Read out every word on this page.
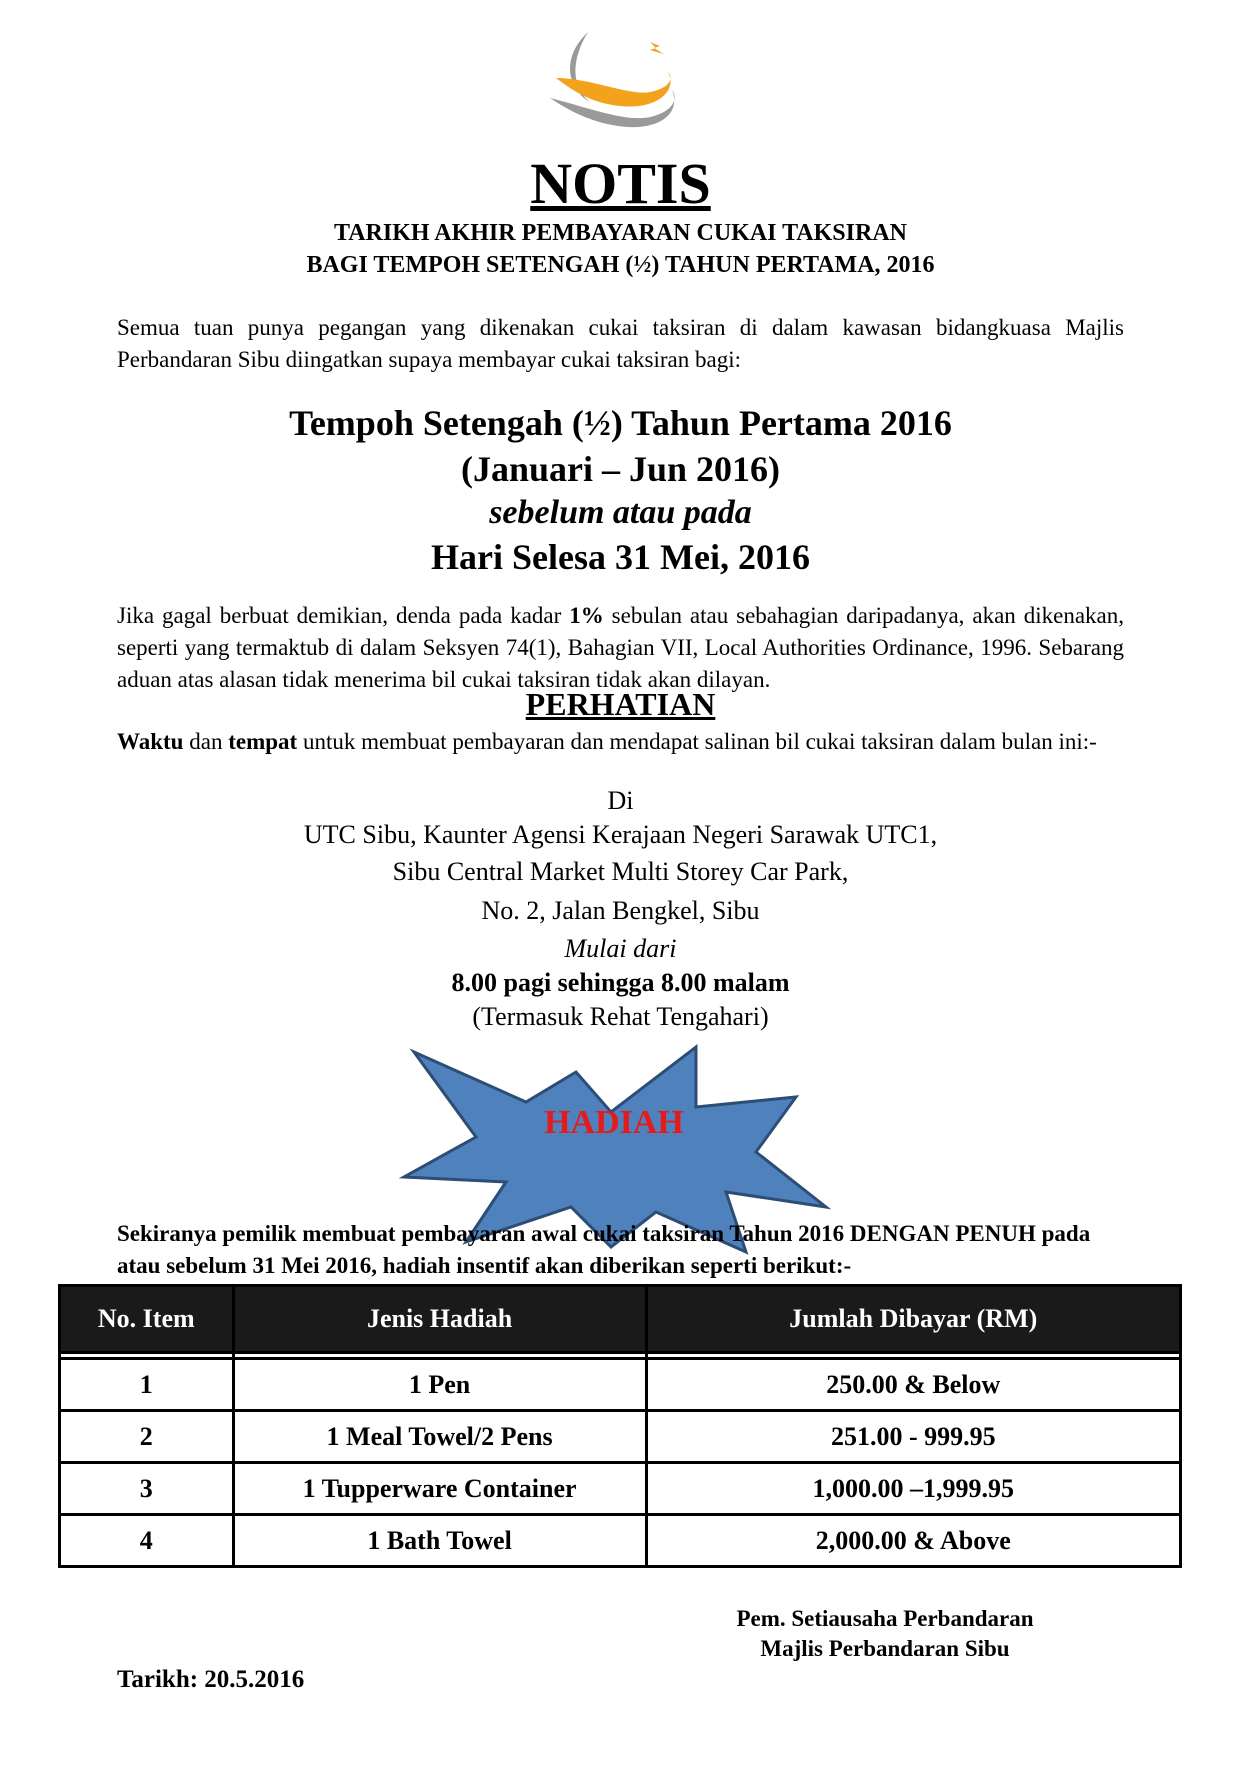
NOTIS
TARIKH AKHIR PEMBAYARAN CUKAI TAKSIRAN
BAGI TEMPOH SETENGAH (½) TAHUN PERTAMA, 2016
Semua tuan punya pegangan yang dikenakan cukai taksiran di dalam kawasan bidangkuasa Majlis Perbandaran Sibu diingatkan supaya membayar cukai taksiran bagi:
Tempoh Setengah (½) Tahun Pertama 2016
(Januari – Jun 2016)
sebelum atau pada
Hari Selesa 31 Mei, 2016
Jika gagal berbuat demikian, denda pada kadar 1% sebulan atau sebahagian daripadanya, akan dikenakan, seperti yang termaktub di dalam Seksyen 74(1), Bahagian VII, Local Authorities Ordinance, 1996. Sebarang aduan atas alasan tidak menerima bil cukai taksiran tidak akan dilayan.
PERHATIAN
Waktu dan tempat untuk membuat pembayaran dan mendapat salinan bil cukai taksiran dalam bulan ini:-
Di
UTC Sibu, Kaunter Agensi Kerajaan Negeri Sarawak UTC1,
Sibu Central Market Multi Storey Car Park,
No. 2, Jalan Bengkel, Sibu
Mulai dari
8.00 pagi sehingga 8.00 malam
(Termasuk Rehat Tengahari)
HADIAH
Sekiranya pemilik membuat pembayaran awal cukai taksiran Tahun 2016 DENGAN PENUH pada atau sebelum 31 Mei 2016, hadiah insentif akan diberikan seperti berikut:-
No. Item	Jenis Hadiah	Jumlah Dibayar (RM)

1	1 Pen	250.00 & Below
2	1 Meal Towel/2 Pens	251.00 - 999.95
3	1 Tupperware Container	1,000.00 –1,999.95
4	1 Bath Towel	2,000.00 & Above
Pem. Setiausaha Perbandaran
Majlis Perbandaran Sibu
Tarikh: 20.5.2016
